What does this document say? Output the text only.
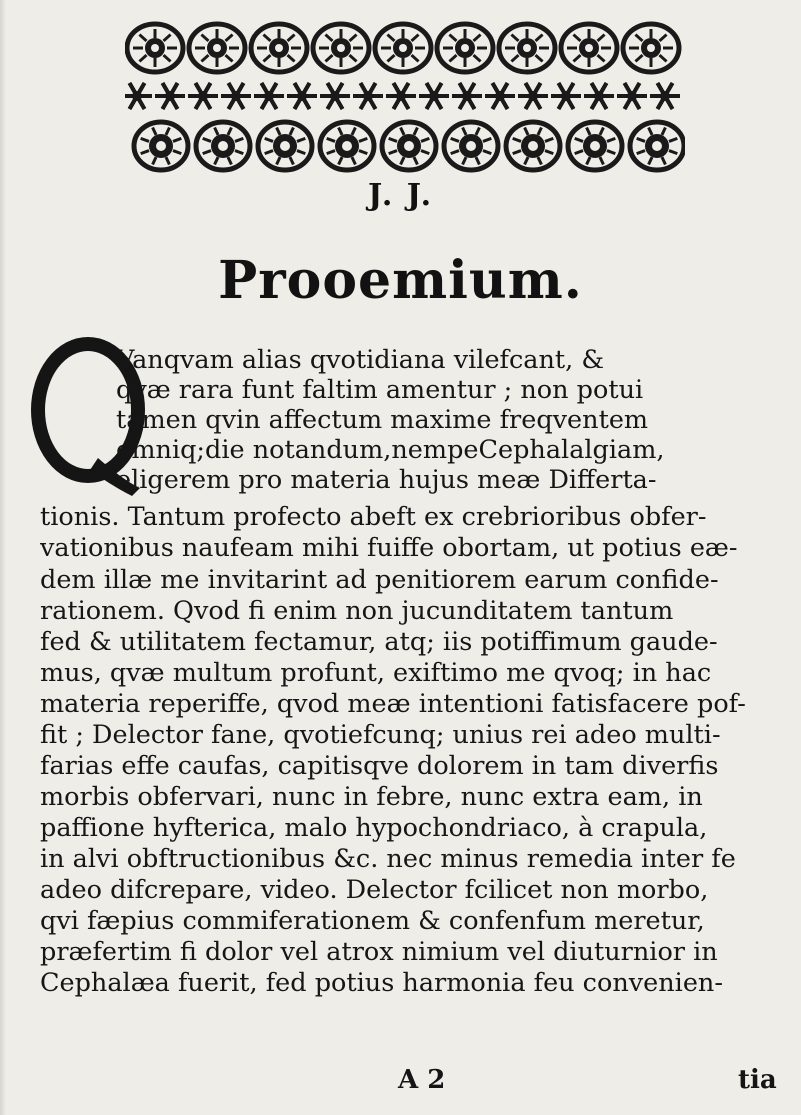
J. J.
Prooemium.
Q
Vanqvam alias qvotidiana vilefcant, &
qvæ rara funt faltim amentur ; non potui
tamen qvin affectum maxime freqventem
omniq;die notandum,nempeCephalalgiam,
eligerem pro materia hujus meæ Differta-
tionis. Tantum profecto abeft ex crebrioribus obfer-
vationibus naufeam mihi fuiffe obortam, ut potius eæ-
dem illæ me invitarint ad penitiorem earum confide-
rationem. Qvod fi enim non jucunditatem tantum
fed & utilitatem fectamur, atq; iis potiffimum gaude-
mus, qvæ multum profunt, exiftimo me qvoq; in hac
materia reperiffe, qvod meæ intentioni fatisfacere pof-
fit ; Delector fane, qvotiefcunq; unius rei adeo multi-
farias effe caufas, capitisqve dolorem in tam diverfis
morbis obfervari, nunc in febre, nunc extra eam, in
paffione hyfterica, malo hypochondriaco, à crapula,
in alvi obftructionibus &c. nec minus remedia inter fe
adeo difcrepare, video. Delector fcilicet non morbo,
qvi fæpius commiferationem & confenfum meretur,
præfertim fi dolor vel atrox nimium vel diuturnior in
Cephalæa fuerit, fed potius harmonia feu convenien-
A 2	tia
